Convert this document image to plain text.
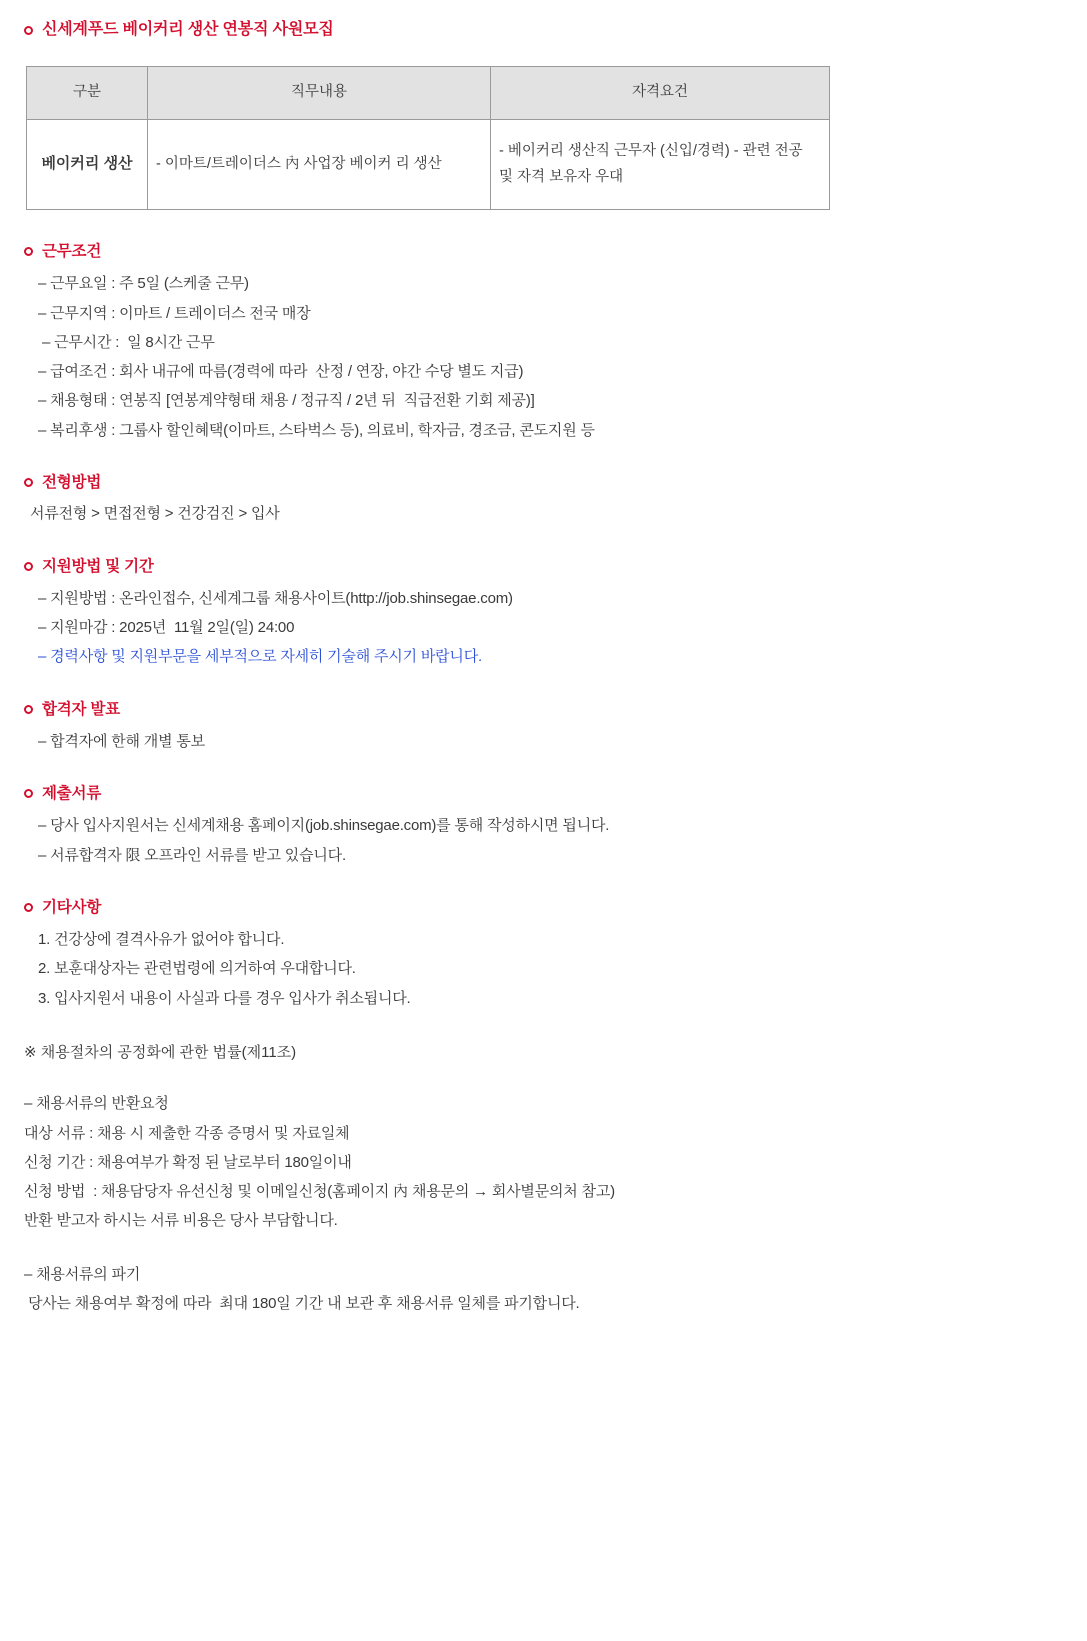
신세계푸드 베이커리 생산 연봉직 사원모집
구분	직무내용	자격요건
베이커리 생산	- 이마트/트레이더스 內 사업장 베이커 리 생산	- 베이커리 생산직 근무자 (신입/경력) - 관련 전공 및 자격 보유자 우대
근무조건
– 근무요일 : 주 5일 (스케줄 근무)
– 근무지역 : 이마트 / 트레이더스 전국 매장
– 근무시간 :  일 8시간 근무
– 급여조건 : 회사 내규에 따름(경력에 따라  산정 / 연장, 야간 수당 별도 지급)
– 채용형태 : 연봉직 [연봉계약형태 채용 / 정규직 / 2년 뒤  직급전환 기회 제공)]
– 복리후생 : 그룹사 할인혜택(이마트, 스타벅스 등), 의료비, 학자금, 경조금, 콘도지원 등
전형방법
서류전형 > 면접전형 > 건강검진 > 입사
지원방법 및 기간
– 지원방법 : 온라인접수, 신세계그룹 채용사이트(http://job.shinsegae.com)
– 지원마감 : 2025년  11월 2일(일) 24:00
– 경력사항 및 지원부문을 세부적으로 자세히 기술해 주시기 바랍니다.
합격자 발표
– 합격자에 한해 개별 통보
제출서류
– 당사 입사지원서는 신세계채용 홈페이지(job.shinsegae.com)를 통해 작성하시면 됩니다.
– 서류합격자 限 오프라인 서류를 받고 있습니다.
기타사항
1. 건강상에 결격사유가 없어야 합니다.
2. 보훈대상자는 관련법령에 의거하여 우대합니다.
3. 입사지원서 내용이 사실과 다를 경우 입사가 취소됩니다.
※ 채용절차의 공정화에 관한 법률(제11조)
– 채용서류의 반환요청
대상 서류 : 채용 시 제출한 각종 증명서 및 자료일체
신청 기간 : 채용여부가 확정 된 날로부터 180일이내
신청 방법  : 채용담당자 유선신청 및 이메일신청(홈페이지 內 채용문의 → 회사별문의처 참고)
반환 받고자 하시는 서류 비용은 당사 부담합니다.
– 채용서류의 파기
당사는 채용여부 확정에 따라  최대 180일 기간 내 보관 후 채용서류 일체를 파기합니다.
